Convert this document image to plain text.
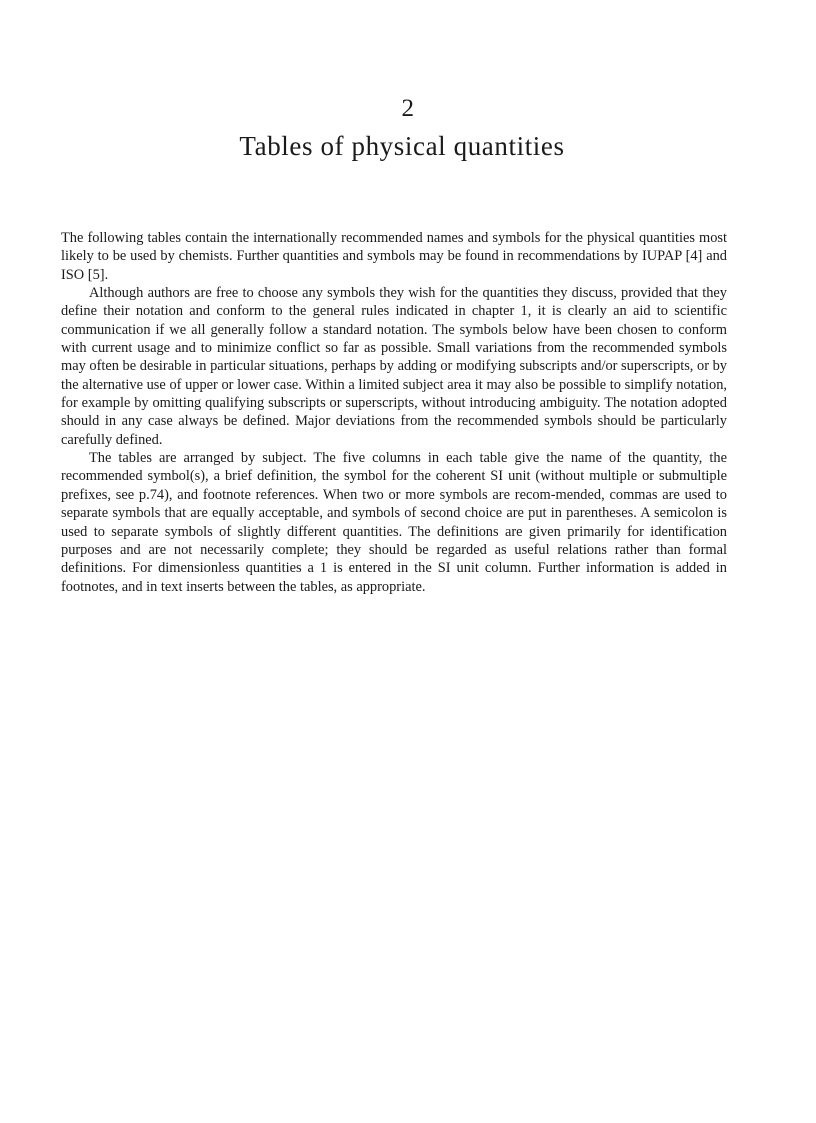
2
Tables of physical quantities

The following tables contain the internationally recommended names and symbols for the physical quantities most likely to be used by chemists. Further quantities and symbols may be found in recommendations by IUPAP [4] and ISO [5].

Although authors are free to choose any symbols they wish for the quantities they discuss, provided that they define their notation and conform to the general rules indicated in chapter 1, it is clearly an aid to scientific communication if we all generally follow a standard notation. The symbols below have been chosen to conform with current usage and to minimize conflict so far as possible. Small variations from the recommended symbols may often be desirable in particular situations, perhaps by adding or modifying subscripts and/or superscripts, or by the alternative use of upper or lower case. Within a limited subject area it may also be possible to simplify notation, for example by omitting qualifying subscripts or superscripts, without introducing ambiguity. The notation adopted should in any case always be defined. Major deviations from the recommended symbols should be particularly carefully defined.

The tables are arranged by subject. The five columns in each table give the name of the quantity, the recommended symbol(s), a brief definition, the symbol for the coherent SI unit (without multiple or submultiple prefixes, see p.74), and footnote references. When two or more symbols are recom-mended, commas are used to separate symbols that are equally acceptable, and symbols of second choice are put in parentheses. A semicolon is used to separate symbols of slightly different quantities. The definitions are given primarily for identification purposes and are not necessarily complete; they should be regarded as useful relations rather than formal definitions. For dimensionless quantities a 1 is entered in the SI unit column. Further information is added in footnotes, and in text inserts between the tables, as appropriate.
